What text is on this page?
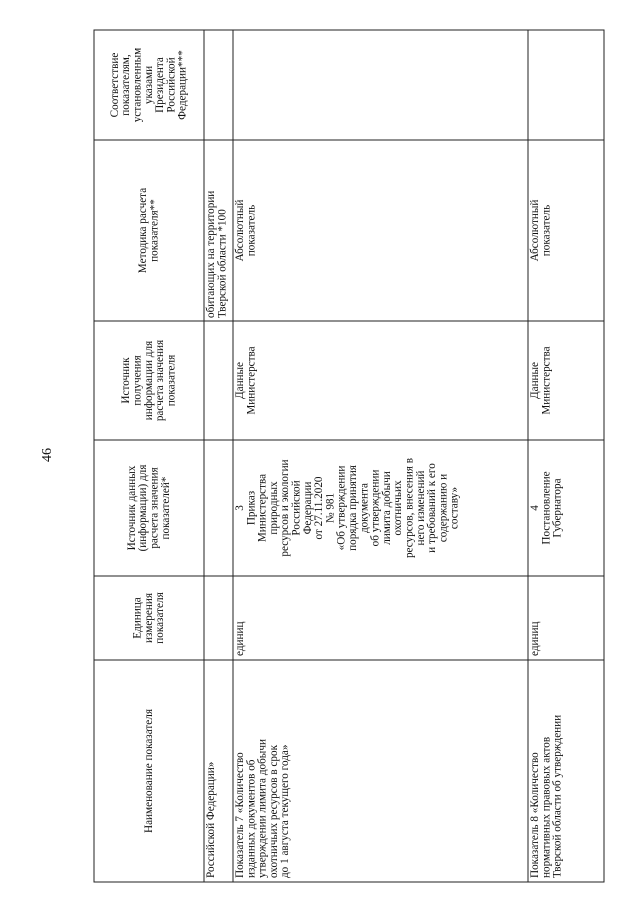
46
Наименование показателя
Единица измерения показателя
Источник данных (информации) для расчета значения показателей*
Источник получения информации для расчета значения показателя
Методика расчета показателя**
Соответствие показателям, установленным указами Президента Российской Федерации***
Российской Федерации»
обитающих на территории Тверской области *100
Показатель 7 «Количество изданных документов об утверждении лимита добычи охотничьих ресурсов в срок до 1 августа текущего года»
единиц
3 Приказ Министерства природных ресурсов и экологии Российской Федерации от 27.11.2020 № 981 «Об утверждении порядка принятия документа об утверждении лимита добычи охотничьих ресурсов, внесения в него изменений и требований к его содержанию и составу»
Данные Министерства
Абсолютный показатель
Показатель 8 «Количество нормативных правовых актов Тверской области об утверждении
единиц
4 Постановление Губернатора
Данные Министерства
Абсолютный показатель
